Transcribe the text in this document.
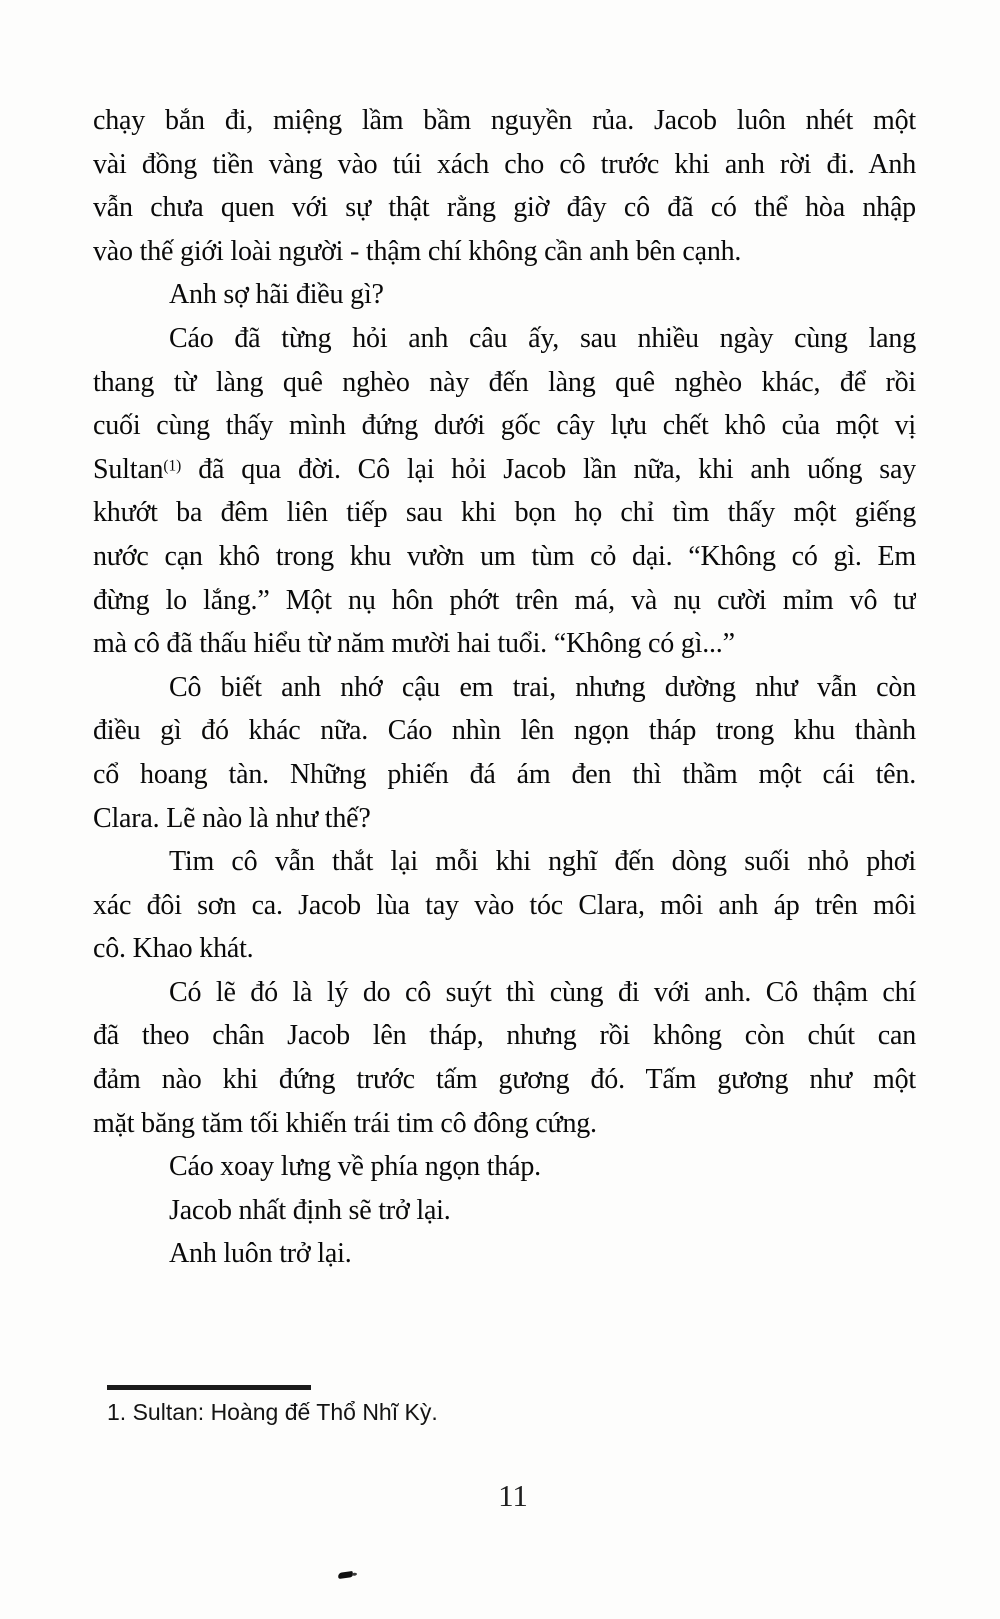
chạy bắn đi, miệng lầm bầm nguyền rủa. Jacob luôn nhét một
vài đồng tiền vàng vào túi xách cho cô trước khi anh rời đi. Anh
vẫn chưa quen với sự thật rằng giờ đây cô đã có thể hòa nhập
vào thế giới loài người - thậm chí không cần anh bên cạnh.
Anh sợ hãi điều gì?
Cáo đã từng hỏi anh câu ấy, sau nhiều ngày cùng lang
thang từ làng quê nghèo này đến làng quê nghèo khác, để rồi
cuối cùng thấy mình đứng dưới gốc cây lựu chết khô của một vị
Sultan$^{(1)}$ đã qua đời. Cô lại hỏi Jacob lần nữa, khi anh uống say
khướt ba đêm liên tiếp sau khi bọn họ chỉ tìm thấy một giếng
nước cạn khô trong khu vườn um tùm cỏ dại. “Không có gì. Em
đừng lo lắng.” Một nụ hôn phớt trên má, và nụ cười mỉm vô tư
mà cô đã thấu hiểu từ năm mười hai tuổi. “Không có gì...”
Cô biết anh nhớ cậu em trai, nhưng dường như vẫn còn
điều gì đó khác nữa. Cáo nhìn lên ngọn tháp trong khu thành
cổ hoang tàn. Những phiến đá ám đen thì thầm một cái tên.
Clara. Lẽ nào là như thế?
Tim cô vẫn thắt lại mỗi khi nghĩ đến dòng suối nhỏ phơi
xác đôi sơn ca. Jacob lùa tay vào tóc Clara, môi anh áp trên môi
cô. Khao khát.
Có lẽ đó là lý do cô suýt thì cùng đi với anh. Cô thậm chí
đã theo chân Jacob lên tháp, nhưng rồi không còn chút can
đảm nào khi đứng trước tấm gương đó. Tấm gương như một
mặt băng tăm tối khiến trái tim cô đông cứng.
Cáo xoay lưng về phía ngọn tháp.
Jacob nhất định sẽ trở lại.
Anh luôn trở lại.
1. Sultan: Hoàng đế Thổ Nhĩ Kỳ.
11
